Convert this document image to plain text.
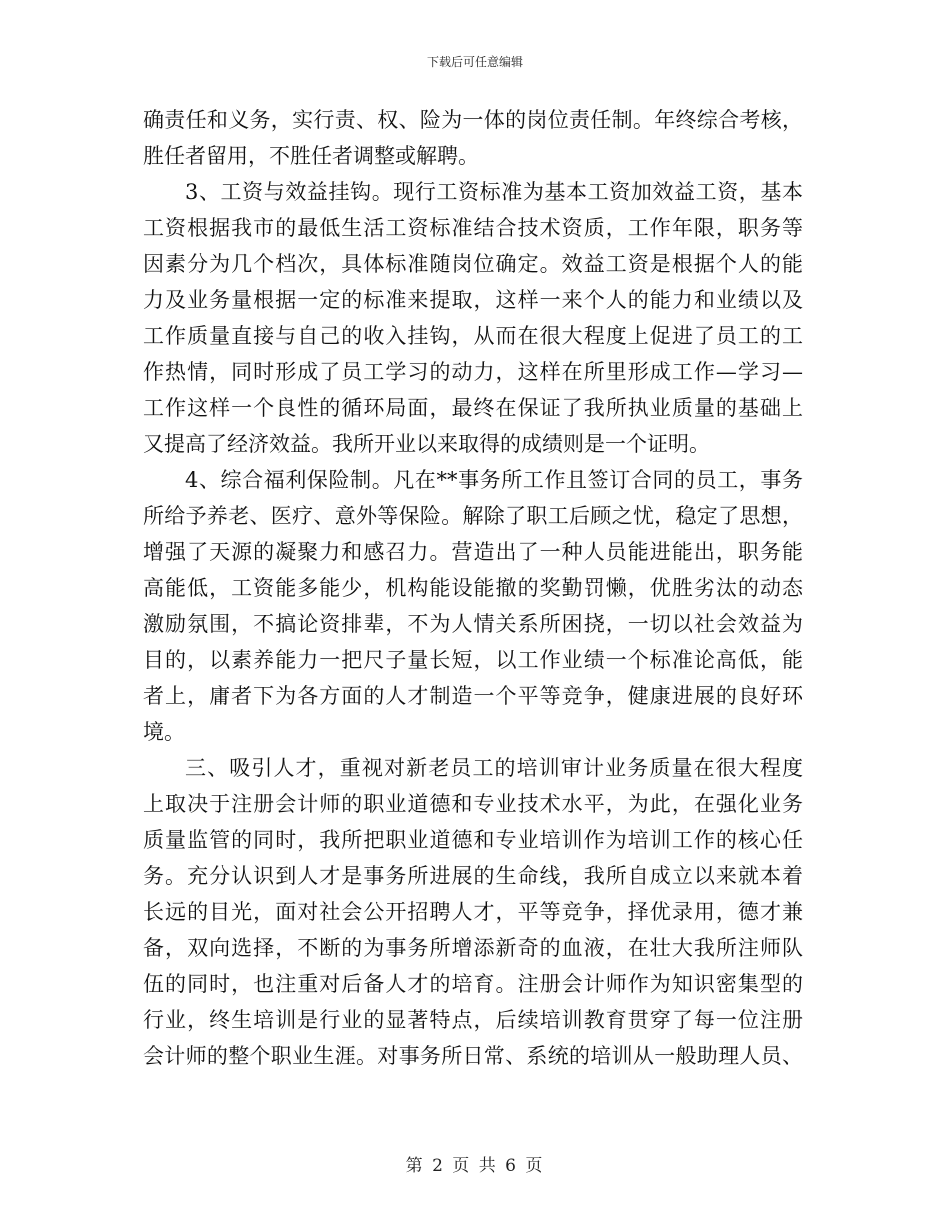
下载后可任意编辑
确责任和义务，实行责、权、险为一体的岗位责任制。年终综合考核，
胜任者留用，不胜任者调整或解聘。
3、工资与效益挂钩。现行工资标准为基本工资加效益工资，基本
工资根据我市的最低生活工资标准结合技术资质，工作年限，职务等
因素分为几个档次，具体标准随岗位确定。效益工资是根据个人的能
力及业务量根据一定的标准来提取，这样一来个人的能力和业绩以及
工作质量直接与自己的收入挂钩，从而在很大程度上促进了员工的工
作热情，同时形成了员工学习的动力，这样在所里形成工作—学习—
工作这样一个良性的循环局面，最终在保证了我所执业质量的基础上
又提高了经济效益。我所开业以来取得的成绩则是一个证明。
4、综合福利保险制。凡在**事务所工作且签订合同的员工，事务
所给予养老、医疗、意外等保险。解除了职工后顾之忧，稳定了思想，
增强了天源的凝聚力和感召力。营造出了一种人员能进能出，职务能
高能低，工资能多能少，机构能设能撤的奖勤罚懒，优胜劣汰的动态
激励氛围，不搞论资排辈，不为人情关系所困挠，一切以社会效益为
目的，以素养能力一把尺子量长短，以工作业绩一个标准论高低，能
者上，庸者下为各方面的人才制造一个平等竞争，健康进展的良好环
境。
三、吸引人才，重视对新老员工的培训审计业务质量在很大程度
上取决于注册会计师的职业道德和专业技术水平，为此，在强化业务
质量监管的同时，我所把职业道德和专业培训作为培训工作的核心任
务。充分认识到人才是事务所进展的生命线，我所自成立以来就本着
长远的目光，面对社会公开招聘人才，平等竞争，择优录用，德才兼
备，双向选择，不断的为事务所增添新奇的血液，在壮大我所注师队
伍的同时，也注重对后备人才的培育。注册会计师作为知识密集型的
行业，终生培训是行业的显著特点，后续培训教育贯穿了每一位注册
会计师的整个职业生涯。对事务所日常、系统的培训从一般助理人员、
第 2 页 共 6 页
